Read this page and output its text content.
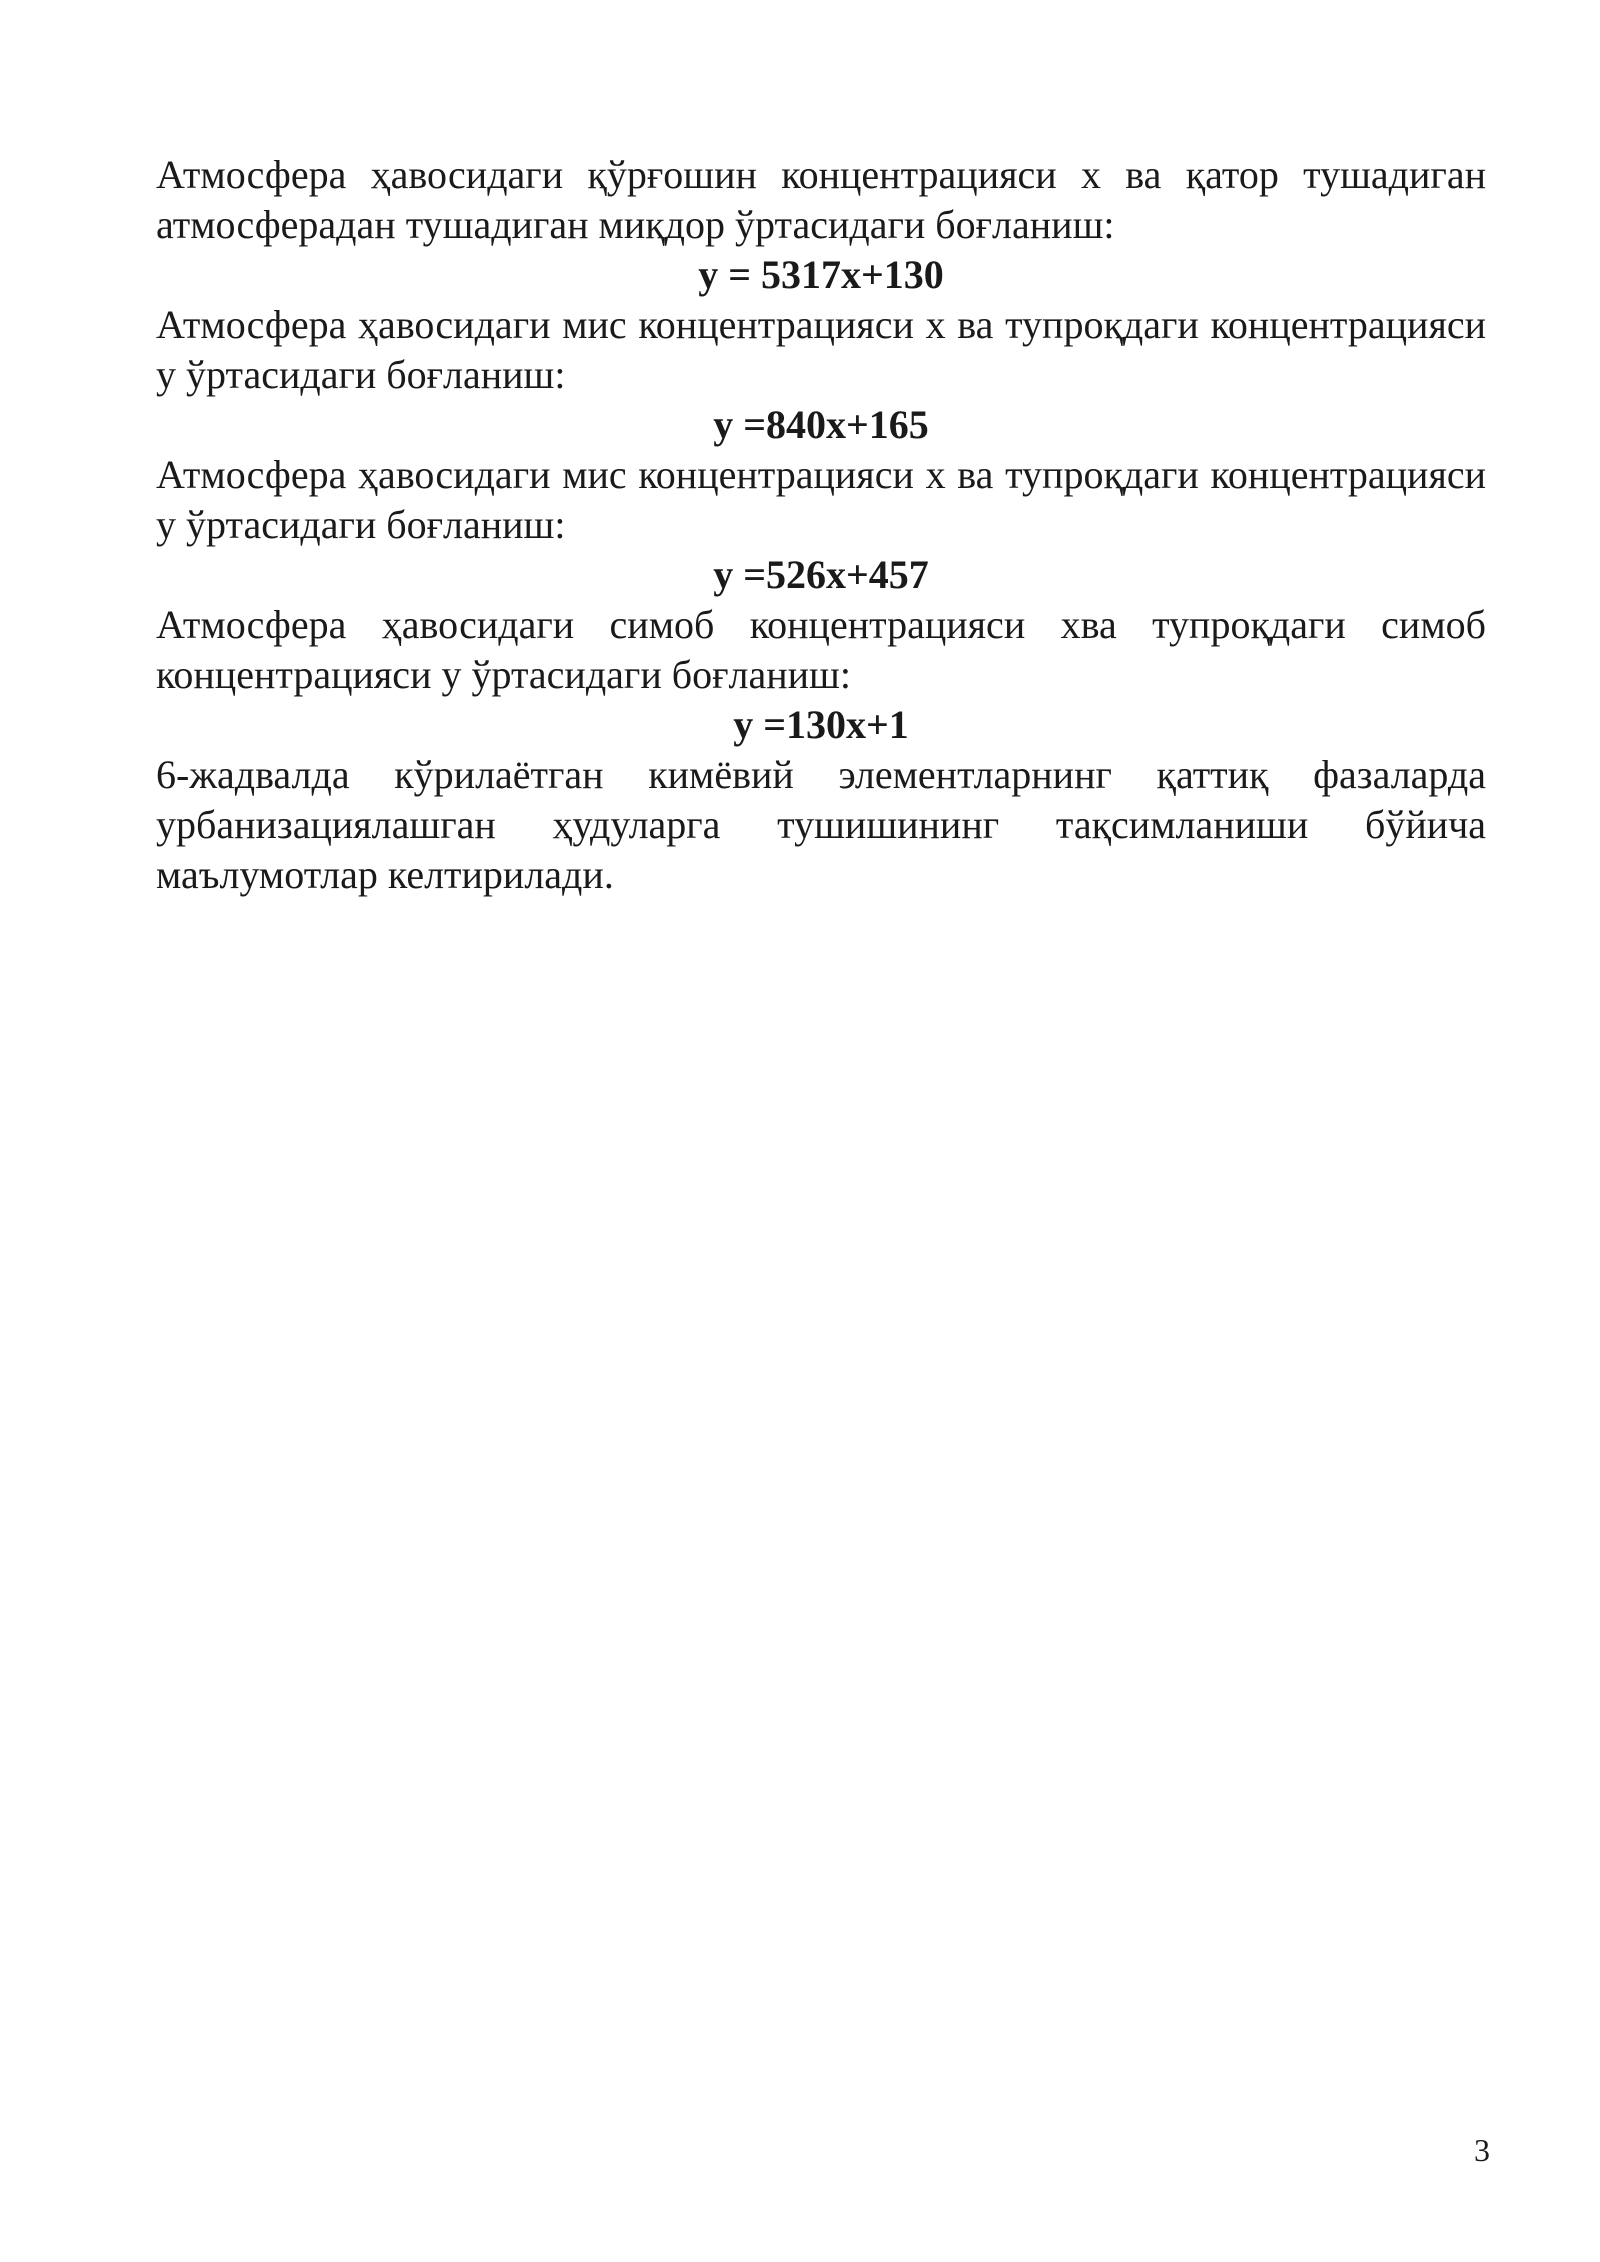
Атмосфера ҳавосидаги қўрғошин концентрацияси х ва қатор тушадиган атмосферадан тушадиган миқдор ўртасидаги боғланиш:

y = 5317x+130

Атмосфера ҳавосидаги мис концентрацияси х ва тупроқдаги концентрацияси у ўртасидаги боғланиш:

y =840x+165

Атмосфера ҳавосидаги мис концентрацияси х ва тупроқдаги концентрацияси у ўртасидаги боғланиш:

y =526x+457

Атмосфера ҳавосидаги симоб концентрацияси хва тупроқдаги симоб концентрацияси у ўртасидаги боғланиш:

y =130x+1

6-жадвалда кўрилаётган кимёвий элементларнинг қаттиқ фазаларда урбанизациялашган ҳудуларга тушишининг тақсимланиши бўйича маълумотлар келтирилади.

3
